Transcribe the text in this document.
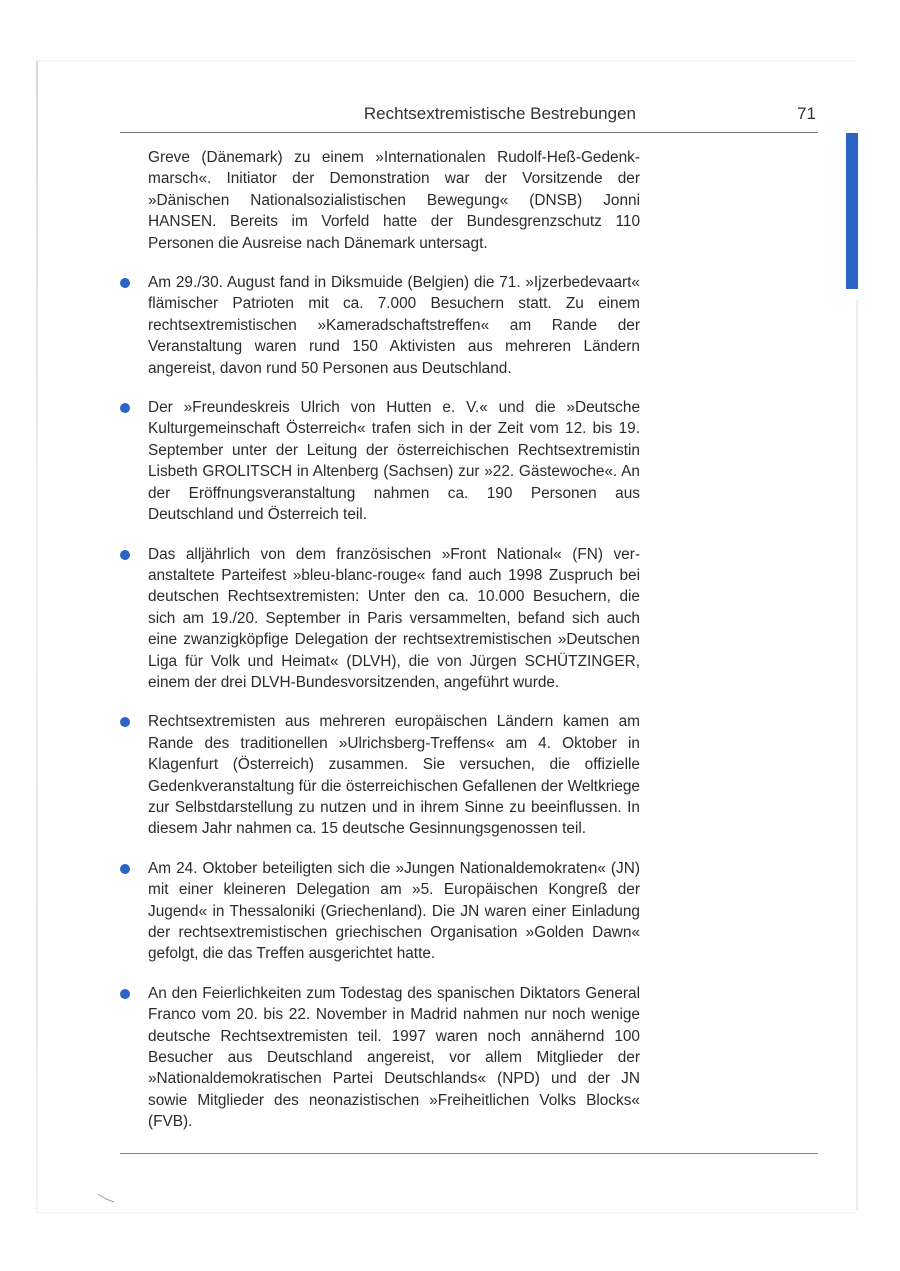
Rechtsextremistische Bestrebungen	71

Greve (Dänemark) zu einem »Internationalen Rudolf-Heß-Gedenkmarsch«. Initiator der Demonstration war der Vorsitzende der »Dänischen Nationalsozialistischen Bewegung« (DNSB) Jonni HANSEN. Bereits im Vorfeld hatte der Bundesgrenzschutz 110 Personen die Ausreise nach Dänemark untersagt.

Am 29./30. August fand in Diksmuide (Belgien) die 71. »Ijzerbedevaart« flämischer Patrioten mit ca. 7.000 Besuchern statt. Zu einem rechtsextremistischen »Kameradschaftstreffen« am Rande der Veranstaltung waren rund 150 Aktivisten aus mehreren Ländern angereist, davon rund 50 Personen aus Deutschland.
Der »Freundeskreis Ulrich von Hutten e. V.« und die »Deutsche Kulturgemeinschaft Österreich« trafen sich in der Zeit vom 12. bis 19. September unter der Leitung der österreichischen Rechtsextremistin Lisbeth GROLITSCH in Altenberg (Sachsen) zur »22. Gästewoche«. An der Eröffnungsveranstaltung nahmen ca. 190 Personen aus Deutschland und Österreich teil.
Das alljährlich von dem französischen »Front National« (FN) veranstaltete Parteifest »bleu-blanc-rouge« fand auch 1998 Zuspruch bei deutschen Rechtsextremisten: Unter den ca. 10.000 Besuchern, die sich am 19./20. September in Paris versammelten, befand sich auch eine zwanzigköpfige Delegation der rechtsextremistischen »Deutschen Liga für Volk und Heimat« (DLVH), die von Jürgen SCHÜTZINGER, einem der drei DLVH-Bundesvorsitzenden, angeführt wurde.
Rechtsextremisten aus mehreren europäischen Ländern kamen am Rande des traditionellen »Ulrichsberg-Treffens« am 4. Oktober in Klagenfurt (Österreich) zusammen. Sie versuchen, die offizielle Gedenkveranstaltung für die österreichischen Gefallenen der Weltkriege zur Selbstdarstellung zu nutzen und in ihrem Sinne zu beeinflussen. In diesem Jahr nahmen ca. 15 deutsche Gesinnungsgenossen teil.
Am 24. Oktober beteiligten sich die »Jungen Nationaldemokraten« (JN) mit einer kleineren Delegation am »5. Europäischen Kongreß der Jugend« in Thessaloniki (Griechenland). Die JN waren einer Einladung der rechtsextremistischen griechischen Organisation »Golden Dawn« gefolgt, die das Treffen ausgerichtet hatte.
An den Feierlichkeiten zum Todestag des spanischen Diktators General Franco vom 20. bis 22. November in Madrid nahmen nur noch wenige deutsche Rechtsextremisten teil. 1997 waren noch annähernd 100 Besucher aus Deutschland angereist, vor allem Mitglieder der »Nationaldemokratischen Partei Deutschlands« (NPD) und der JN sowie Mitglieder des neonazistischen »Freiheitlichen Volks Blocks« (FVB).
